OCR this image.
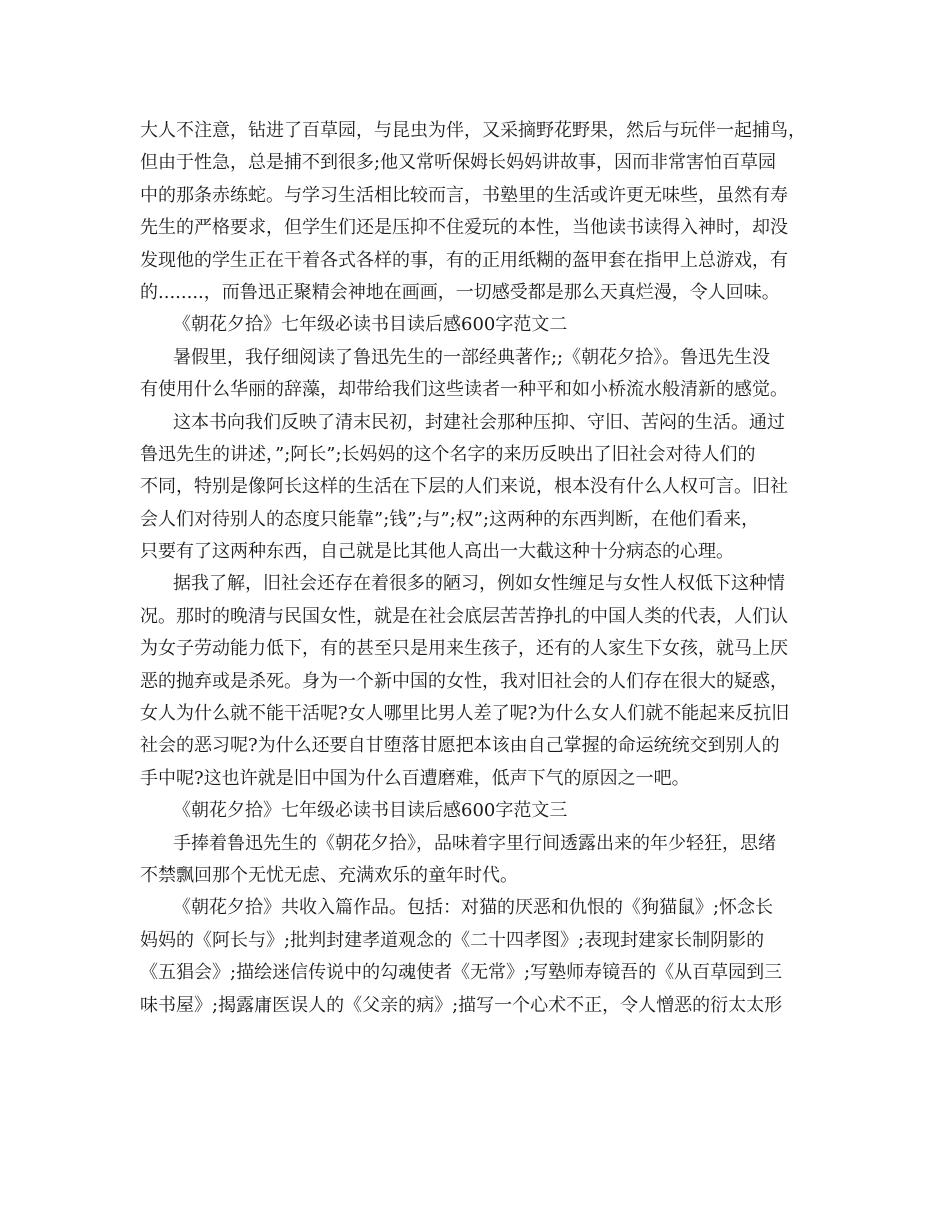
大人不注意，钻进了百草园，与昆虫为伴，又采摘野花野果，然后与玩伴一起捕鸟，
但由于性急，总是捕不到很多;他又常听保姆长妈妈讲故事，因而非常害怕百草园
中的那条赤练蛇。与学习生活相比较而言，书塾里的生活或许更无味些，虽然有寿
先生的严格要求，但学生们还是压抑不住爱玩的本性，当他读书读得入神时，却没
发现他的学生正在干着各式各样的事，有的正用纸糊的盔甲套在指甲上总游戏，有
的........，而鲁迅正聚精会神地在画画，一切感受都是那么天真烂漫，令人回味。
《朝花夕拾》七年级必读书目读后感600字范文二
暑假里，我仔细阅读了鲁迅先生的一部经典著作;;《朝花夕拾》。鲁迅先生没
有使用什么华丽的辞藻，却带给我们这些读者一种平和如小桥流水般清新的感觉。
这本书向我们反映了清末民初，封建社会那种压抑、守旧、苦闷的生活。通过
鲁迅先生的讲述，”;阿长”;长妈妈的这个名字的来历反映出了旧社会对待人们的
不同，特别是像阿长这样的生活在下层的人们来说，根本没有什么人权可言。旧社
会人们对待别人的态度只能靠”;钱”;与”;权”;这两种的东西判断，在他们看来，
只要有了这两种东西，自己就是比其他人高出一大截这种十分病态的心理。
据我了解，旧社会还存在着很多的陋习，例如女性缠足与女性人权低下这种情
况。那时的晚清与民国女性，就是在社会底层苦苦挣扎的中国人类的代表，人们认
为女子劳动能力低下，有的甚至只是用来生孩子，还有的人家生下女孩，就马上厌
恶的抛弃或是杀死。身为一个新中国的女性，我对旧社会的人们存在很大的疑惑，
女人为什么就不能干活呢?女人哪里比男人差了呢?为什么女人们就不能起来反抗旧
社会的恶习呢?为什么还要自甘堕落甘愿把本该由自己掌握的命运统统交到别人的
手中呢?这也许就是旧中国为什么百遭磨难，低声下气的原因之一吧。
《朝花夕拾》七年级必读书目读后感600字范文三
手捧着鲁迅先生的《朝花夕拾》，品味着字里行间透露出来的年少轻狂，思绪
不禁飘回那个无忧无虑、充满欢乐的童年时代。
《朝花夕拾》共收入篇作品。包括：对猫的厌恶和仇恨的《狗猫鼠》;怀念长
妈妈的《阿长与》;批判封建孝道观念的《二十四孝图》;表现封建家长制阴影的
《五猖会》;描绘迷信传说中的勾魂使者《无常》;写塾师寿镜吾的《从百草园到三
味书屋》;揭露庸医误人的《父亲的病》;描写一个心术不正，令人憎恶的衍太太形
